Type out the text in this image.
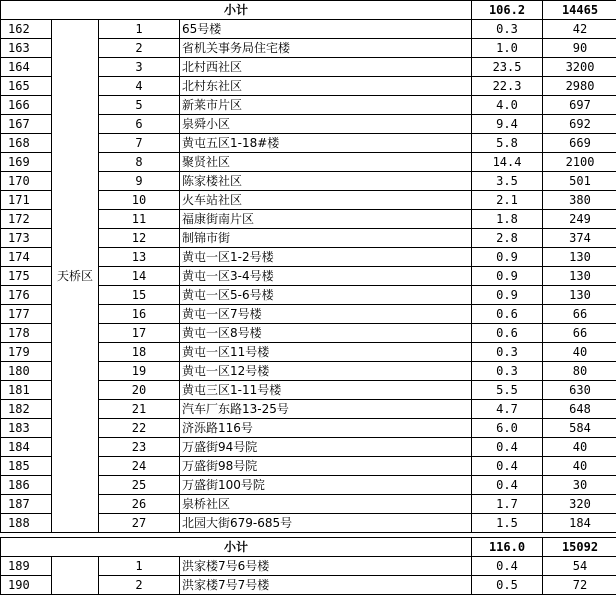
小计				106.2	14465
162	天桥区	1	65号楼	0.3	42
163		2	省机关事务局住宅楼	1.0	90
164		3	北村西社区	23.5	3200
165		4	北村东社区	22.3	2980
166		5	新莱市片区	4.0	697
167		6	泉舜小区	9.4	692
168		7	黄屯五区1-18#楼	5.8	669
169		8	聚贤社区	14.4	2100
170		9	陈家楼社区	3.5	501
171		10	火车站社区	2.1	380
172		11	福康街南片区	1.8	249
173		12	制锦市街	2.8	374
174		13	黄屯一区1-2号楼	0.9	130
175		14	黄屯一区3-4号楼	0.9	130
176		15	黄屯一区5-6号楼	0.9	130
177		16	黄屯一区7号楼	0.6	66
178		17	黄屯一区8号楼	0.6	66
179		18	黄屯一区11号楼	0.3	40
180		19	黄屯一区12号楼	0.3	80
181		20	黄屯三区1-11号楼	5.5	630
182		21	汽车厂东路13-25号	4.7	648
183		22	济泺路116号	6.0	584
184		23	万盛街94号院	0.4	40
185		24	万盛街98号院	0.4	40
186		25	万盛街100号院	0.4	30
187		26	泉桥社区	1.7	320
188		27	北园大街679-685号	1.5	184

小计				116.0	15092
189		1	洪家楼7号6号楼	0.4	54
190		2	洪家楼7号7号楼	0.5	72
